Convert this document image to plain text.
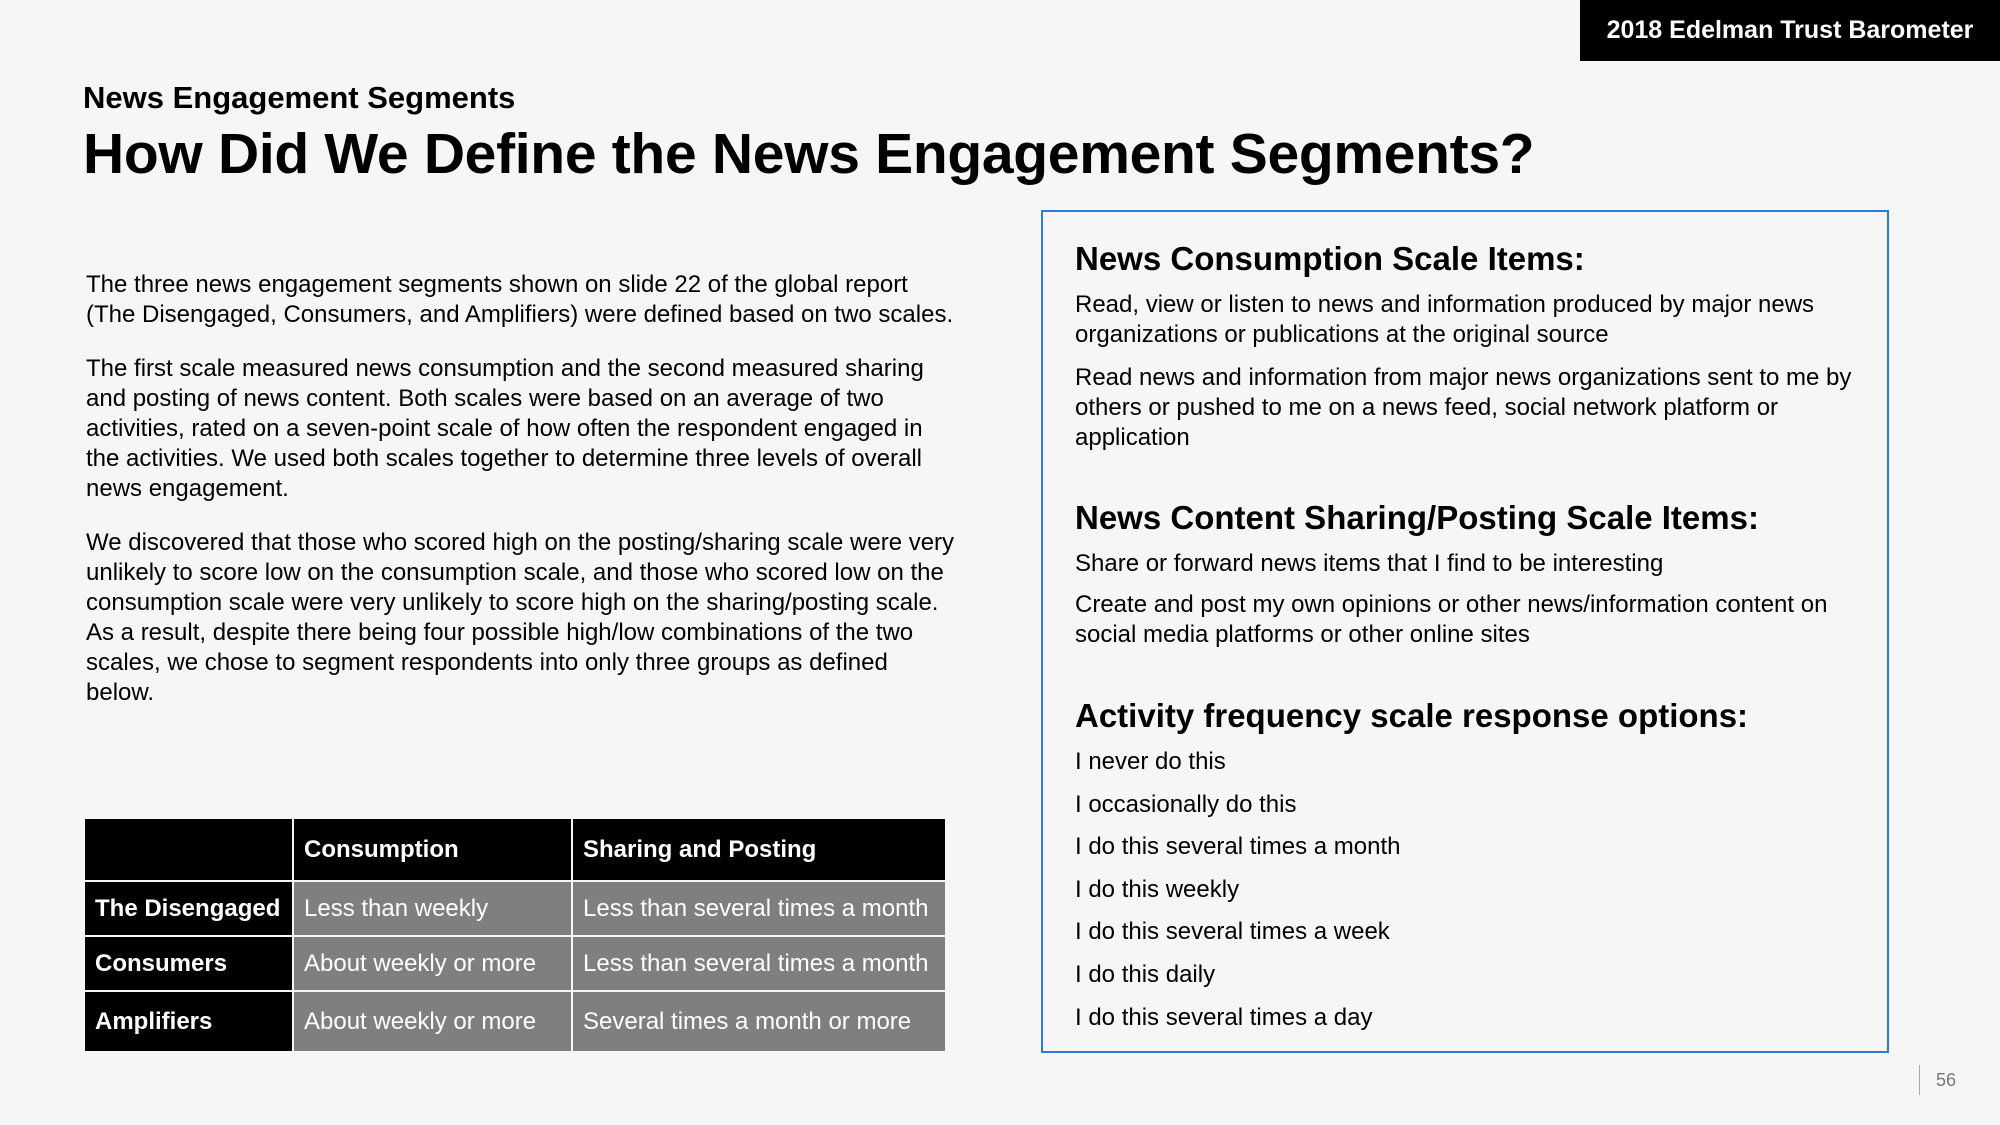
2018 Edelman Trust Barometer
News Engagement Segments
How Did We Define the News Engagement Segments?

The three news engagement segments shown on slide 22 of the global report (The Disengaged, Consumers, and Amplifiers) were defined based on two scales.

The first scale measured news consumption and the second measured sharing and posting of news content. Both scales were based on an average of two activities, rated on a seven-point scale of how often the respondent engaged in the activities. We used both scales together to determine three levels of overall news engagement.

We discovered that those who scored high on the posting/sharing scale were very unlikely to score low on the consumption scale, and those who scored low on the consumption scale were very unlikely to score high on the sharing/posting scale. As a result, despite there being four possible high/low combinations of the two scales, we chose to segment respondents into only three groups as defined below.

	Consumption	Sharing and Posting
The Disengaged	Less than weekly	Less than several times a month
Consumers	About weekly or more	Less than several times a month
Amplifiers	About weekly or more	Several times a month or more
News Consumption Scale Items:
Read, view or listen to news and information produced by major news organizations or publications at the original source
Read news and information from major news organizations sent to me by others or pushed to me on a news feed, social network platform or application
News Content Sharing/Posting Scale Items:
Share or forward news items that I find to be interesting
Create and post my own opinions or other news/information content on social media platforms or other online sites
Activity frequency scale response options:
I never do this
I occasionally do this
I do this several times a month
I do this weekly
I do this several times a week
I do this daily
I do this several times a day
56
